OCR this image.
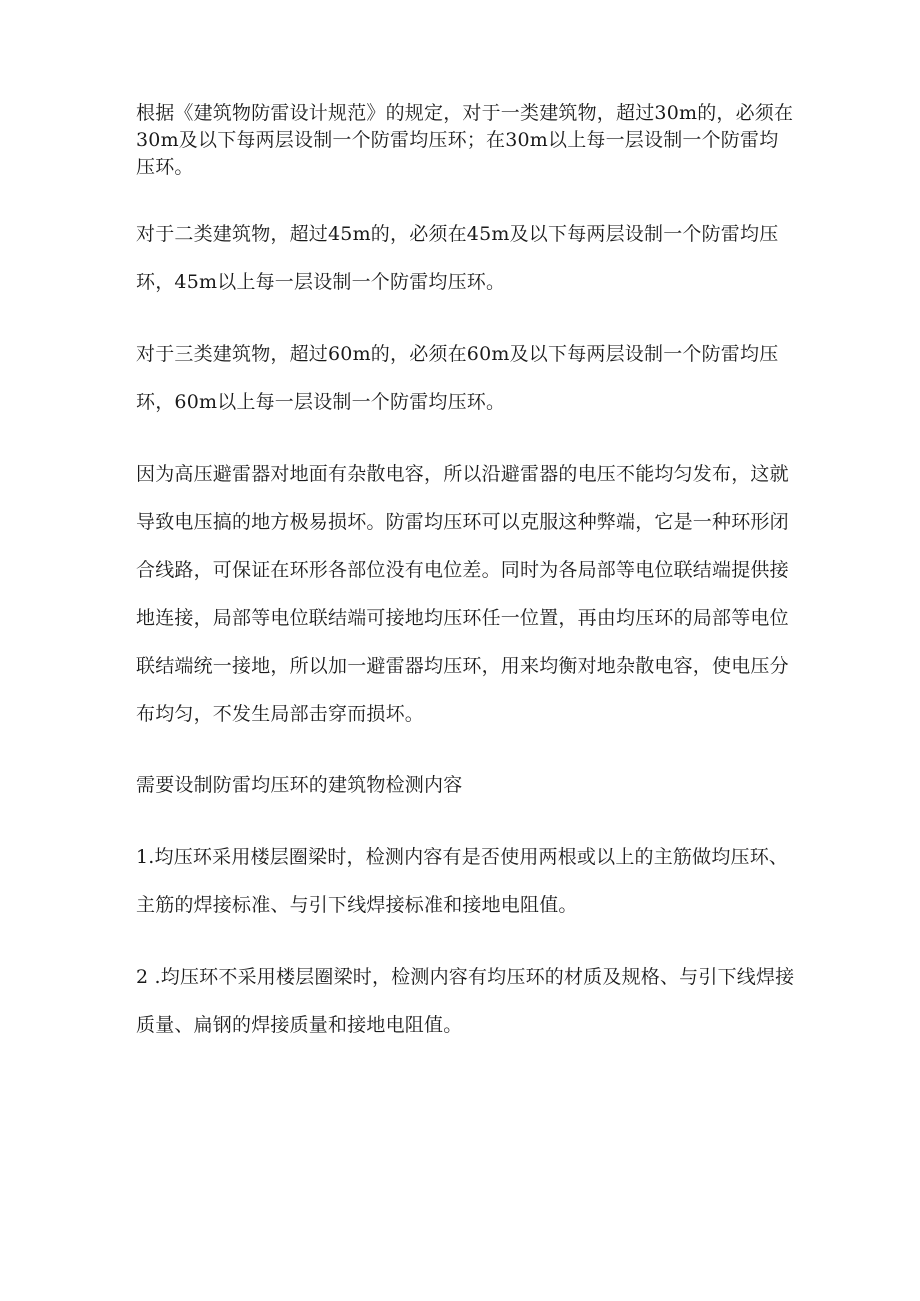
根据《建筑物防雷设计规范》的规定，对于一类建筑物，超过30m的，必须在30m及以下每两层设制一个防雷均压环；在30m以上每一层设制一个防雷均压环。

对于二类建筑物，超过45m的，必须在45m及以下每两层设制一个防雷均压环，45m以上每一层设制一个防雷均压环。

对于三类建筑物，超过60m的，必须在60m及以下每两层设制一个防雷均压环，60m以上每一层设制一个防雷均压环。

因为高压避雷器对地面有杂散电容，所以沿避雷器的电压不能均匀发布，这就导致电压搞的地方极易损坏。防雷均压环可以克服这种弊端，它是一种环形闭合线路，可保证在环形各部位没有电位差。同时为各局部等电位联结端提供接地连接，局部等电位联结端可接地均压环任一位置，再由均压环的局部等电位联结端统一接地，所以加一避雷器均压环，用来均衡对地杂散电容，使电压分布均匀，不发生局部击穿而损坏。

需要设制防雷均压环的建筑物检测内容

1.均压环采用楼层圈梁时，检测内容有是否使用两根或以上的主筋做均压环、主筋的焊接标准、与引下线焊接标准和接地电阻值。

2 .均压环不采用楼层圈梁时，检测内容有均压环的材质及规格、与引下线焊接质量、扁钢的焊接质量和接地电阻值。
